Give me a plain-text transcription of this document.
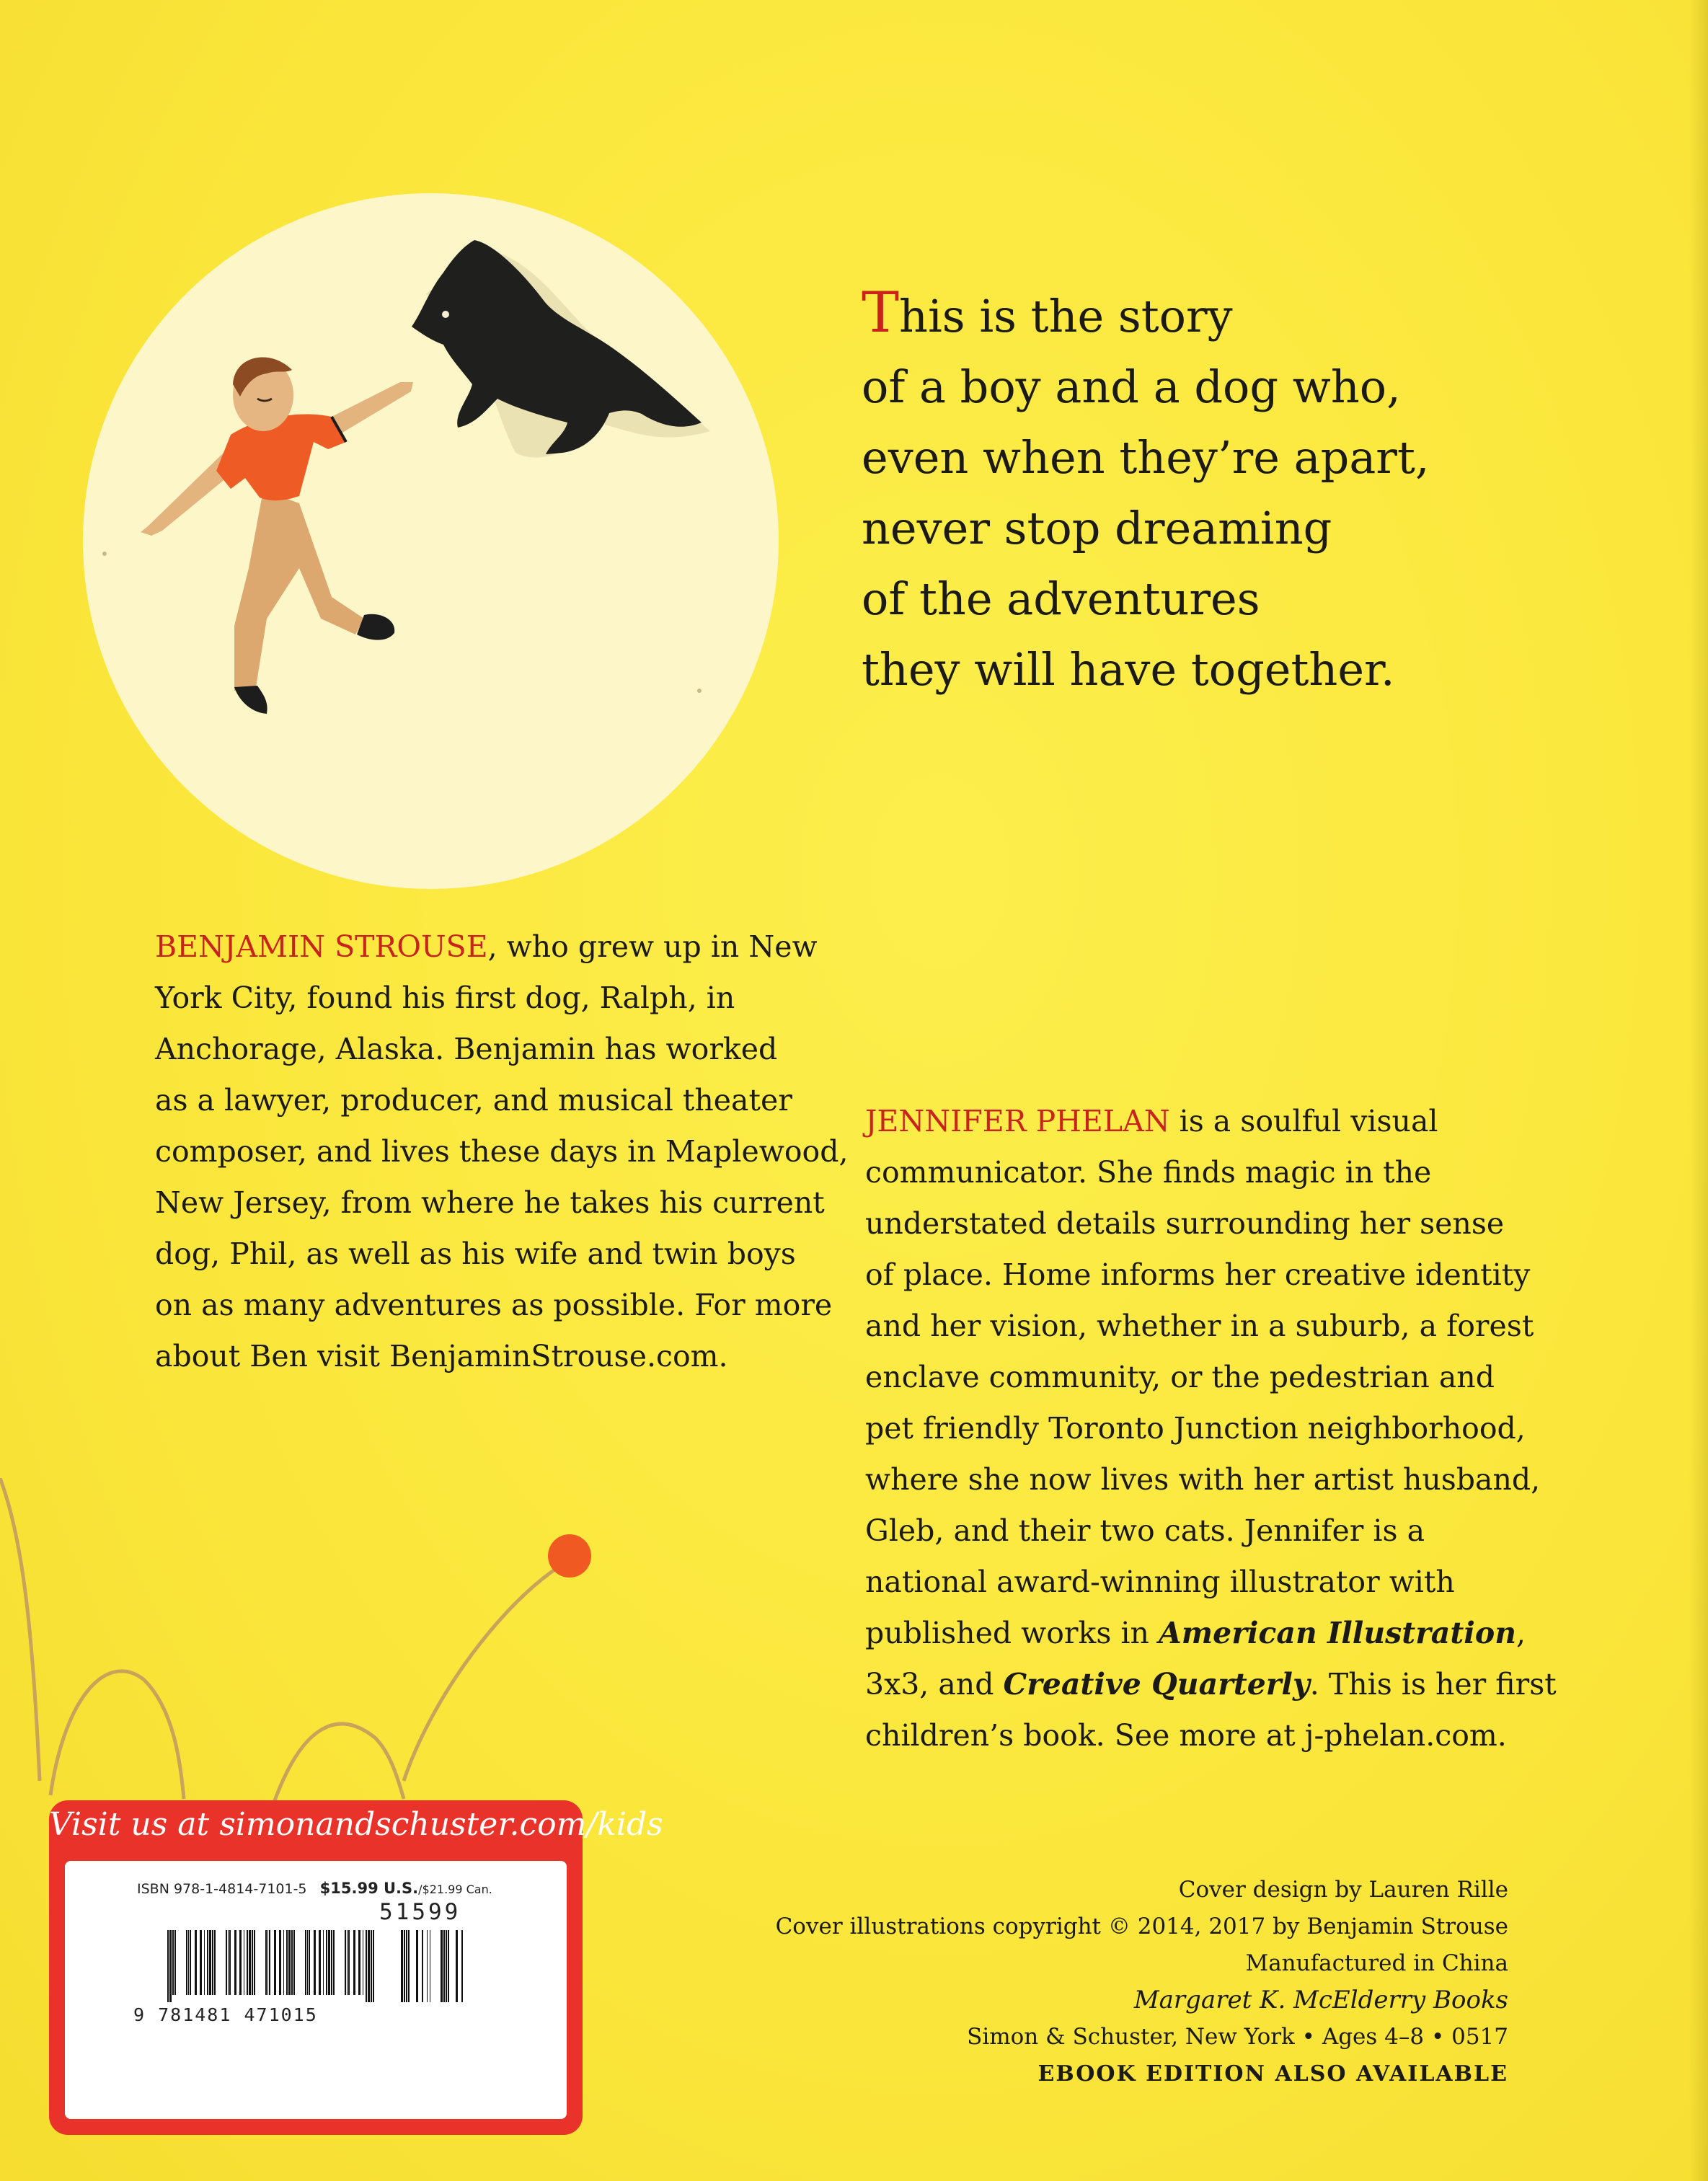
This is the story
of a boy and a dog who,
even when they’re apart,
never stop dreaming
of the adventures
they will have together.

BENJAMIN STROUSE, who grew up in New
York City, found his first dog, Ralph, in
Anchorage, Alaska. Benjamin has worked
as a lawyer, producer, and musical theater
composer, and lives these days in Maplewood,
New Jersey, from where he takes his current
dog, Phil, as well as his wife and twin boys
on as many adventures as possible. For more
about Ben visit BenjaminStrouse.com.

JENNIFER PHELAN is a soulful visual
communicator. She finds magic in the
understated details surrounding her sense
of place. Home informs her creative identity
and her vision, whether in a suburb, a forest
enclave community, or the pedestrian and
pet friendly Toronto Junction neighborhood,
where she now lives with her artist husband,
Gleb, and their two cats. Jennifer is a
national award-winning illustrator with
published works in American Illustration,
3x3, and Creative Quarterly. This is her first
children’s book. See more at j-phelan.com.

Visit us at simonandschuster.com/kids
ISBN 978-1-4814-7101-5 $15.99 U.S./$21.99 Can.
51599
9 781481 471015

Cover design by Lauren Rille
Cover illustrations copyright © 2014, 2017 by Benjamin Strouse
Manufactured in China
Margaret K. McElderry Books
Simon & Schuster, New York • Ages 4–8 • 0517
EBOOK EDITION ALSO AVAILABLE
